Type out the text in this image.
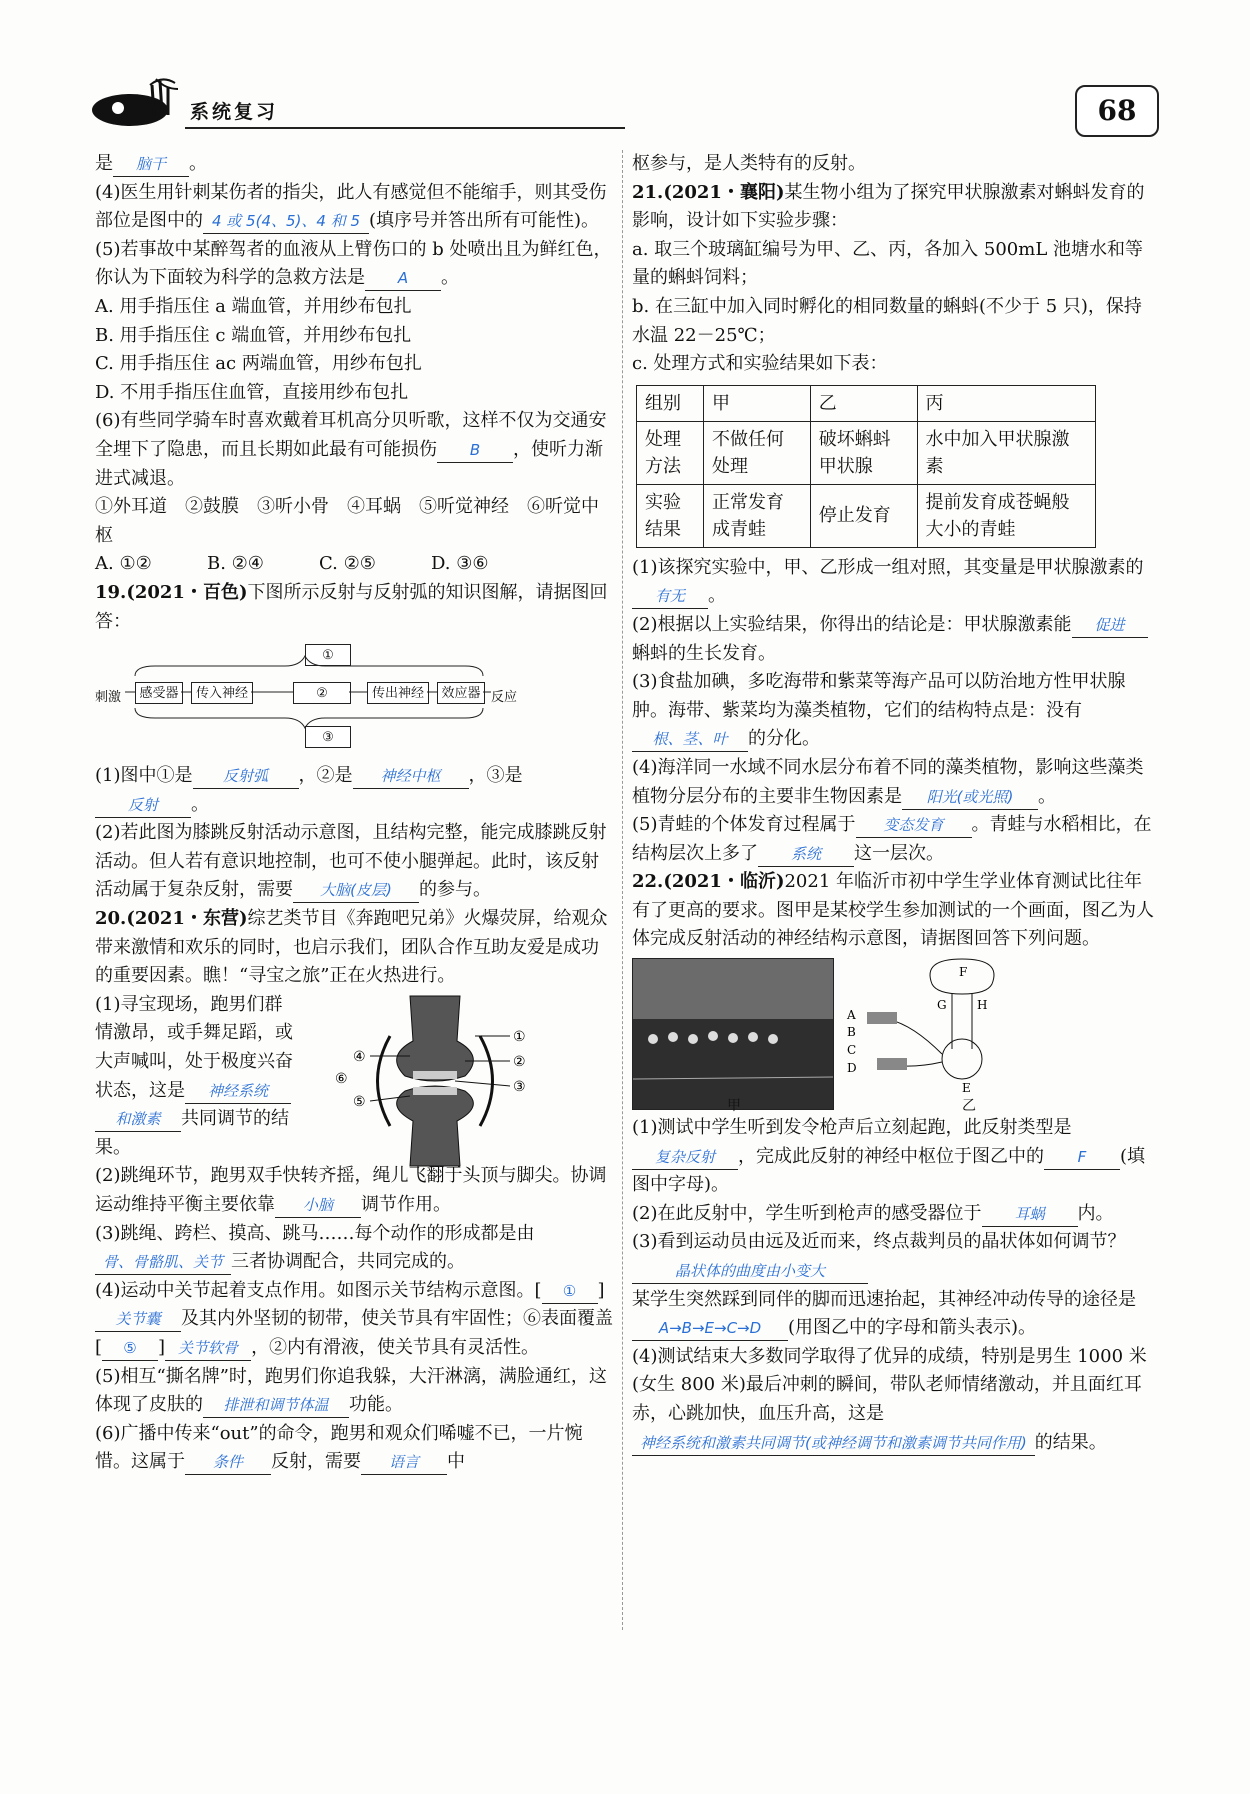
系统复习	68

是 脑干 。

(4)医生用针刺某伤者的指尖，此人有感觉但不能缩手，则其受伤部位是图中的 4 或 5(4、5)、4 和 5 (填序号并答出所有可能性)。

(5)若事故中某醉驾者的血液从上臂伤口的 b 处喷出且为鲜红色，你认为下面较为科学的急救方法是 A 。

A. 用手指压住 a 端血管，并用纱布包扎

B. 用手指压住 c 端血管，并用纱布包扎

C. 用手指压住 ac 两端血管，用纱布包扎

D. 不用手指压住血管，直接用纱布包扎

(6)有些同学骑车时喜欢戴着耳机高分贝听歌，这样不仅为交通安全埋下了隐患，而且长期如此最有可能损伤 B ，使听力渐进式减退。

①外耳道　②鼓膜　③听小骨　④耳蜗　⑤听觉神经　⑥听觉中枢

A. ①②	B. ②④	C. ②⑤	D. ③⑥

19.(2021・百色)下图所示反射与反射弧的知识图解，请据图回答：

①
刺激	感受器	传入神经	②	传出神经	效应器 反应
③

(1)图中①是 反射弧 ，②是 神经中枢 ，③是反射 。

(2)若此图为膝跳反射活动示意图，且结构完整，能完成膝跳反射活动。但人若有意识地控制，也可不使小腿弹起。此时，该反射活动属于复杂反射，需要 大脑(皮层) 的参与。

20.(2021・东营)综艺类节目《奔跑吧兄弟》火爆荧屏，给观众带来激情和欢乐的同时，也启示我们，团队合作互助友爱是成功的重要因素。瞧！“寻宝之旅”正在火热进行。

(1)寻宝现场，跑男们群情激昂，或手舞足蹈，或大声喊叫，处于极度兴奋状态，这是 神经系统 和激素 共同调节的结果。
①
②
③
④
⑤
⑥

(2)跳绳环节，跑男双手快转齐摇，绳儿飞翻于头顶与脚尖。协调运动维持平衡主要依靠 小脑 调节作用。

(3)跳绳、跨栏、摸高、跳马……每个动作的形成都是由骨、骨骼肌、关节 三者协调配合，共同完成的。

(4)运动中关节起着支点作用。如图示关节结构示意图。[ ① ]关节囊 及其内外坚韧的韧带，使关节具有牢固性；⑥表面覆盖[ ⑤ ] 关节软骨 ，②内有滑液，使关节具有灵活性。

(5)相互“撕名牌”时，跑男们你追我躲，大汗淋漓，满脸通红，这体现了皮肤的 排泄和调节体温 功能。

(6)广播中传来“out”的命令，跑男和观众们唏嘘不已，一片惋惜。这属于 条件 反射，需要 语言 中

枢参与，是人类特有的反射。

21.(2021・襄阳)某生物小组为了探究甲状腺激素对蝌蚪发育的影响，设计如下实验步骤：

a. 取三个玻璃缸编号为甲、乙、丙，各加入 500mL 池塘水和等量的蝌蚪饲料；

b. 在三缸中加入同时孵化的相同数量的蝌蚪(不少于 5 只)，保持水温 22－25℃；

c. 处理方式和实验结果如下表：

组别	甲	乙	丙
处理方法	不做任何处理	破坏蝌蚪甲状腺	水中加入甲状腺激素
实验结果	正常发育成青蛙	停止发育	提前发育成苍蝇般大小的青蛙

(1)该探究实验中，甲、乙形成一组对照，其变量是甲状腺激素的有无 。

(2)根据以上实验结果，你得出的结论是：甲状腺激素能 促进蝌蚪的生长发育。

(3)食盐加碘，多吃海带和紫菜等海产品可以防治地方性甲状腺肿。海带、紫菜均为藻类植物，它们的结构特点是：没有根、茎、叶 的分化。

(4)海洋同一水域不同水层分布着不同的藻类植物，影响这些藻类植物分层分布的主要非生物因素是 阳光(或光照) 。

(5)青蛙的个体发育过程属于 变态发育 。青蛙与水稻相比，在结构层次上多了 系统 这一层次。

22.(2021・临沂)2021 年临沂市初中学生学业体育测试比往年有了更高的要求。图甲是某校学生参加测试的一个画面，图乙为人体完成反射活动的神经结构示意图，请据图回答下列问题。

甲
F
G	H
A
B
C
D
E
乙

(1)测试中学生听到发令枪声后立刻起跑，此反射类型是复杂反射 ，完成此反射的神经中枢位于图乙中的 F (填图中字母)。

(2)在此反射中，学生听到枪声的感受器位于 耳蜗 内。

(3)看到运动员由远及近而来，终点裁判员的晶状体如何调节？晶状体的曲度由小变大

某学生突然踩到同伴的脚而迅速抬起，其神经冲动传导的途径是A→B→E→C→D (用图乙中的字母和箭头表示)。

(4)测试结束大多数同学取得了优异的成绩，特别是男生 1000 米(女生 800 米)最后冲刺的瞬间，带队老师情绪激动，并且面红耳赤，心跳加快，血压升高，这是神经系统和激素共同调节(或神经调节和激素调节共同作用) 的结果。
